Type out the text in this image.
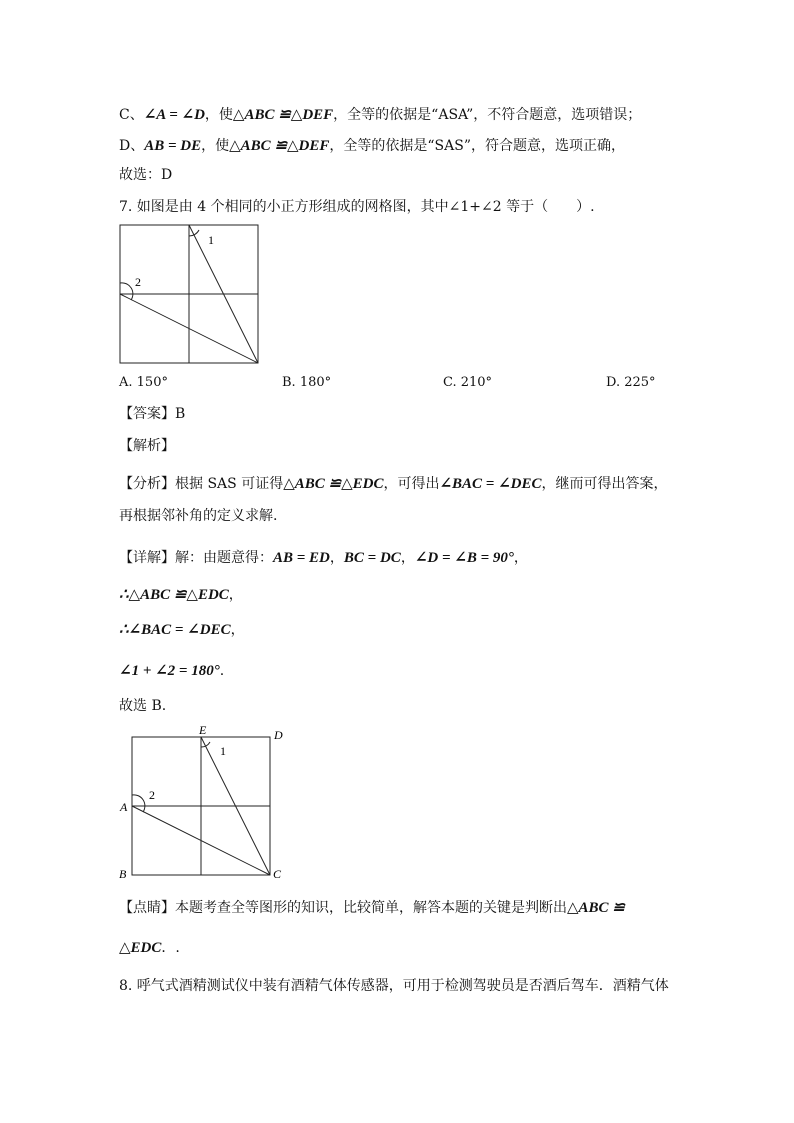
C、∠A = ∠D，使△ABC ≌△DEF，全等的依据是“ASA”，不符合题意，选项错误；
D、AB = DE，使△ABC ≌△DEF，全等的依据是“SAS”，符合题意，选项正确，
故选：D
7. 如图是由 4 个相同的小正方形组成的网格图，其中∠1+∠2 等于（　　）.
1
2
A. 150°	B. 180°	C. 210°	D. 225°
【答案】B
【解析】
【分析】根据 SAS 可证得△ABC ≌△EDC，可得出∠BAC = ∠DEC，继而可得出答案，
再根据邻补角的定义求解.
【详解】解：由题意得：AB = ED，BC = DC，∠D = ∠B = 90°，
∴△ABC ≌△EDC，
∴∠BAC = ∠DEC，
∠1 + ∠2 = 180°.
故选 B.
1
2
E	D
A
B	C
【点睛】本题考查全等图形的知识，比较简单，解答本题的关键是判断出△ABC ≌
△EDC．.
8. 呼气式酒精测试仪中装有酒精气体传感器，可用于检测驾驶员是否酒后驾车．酒精气体
